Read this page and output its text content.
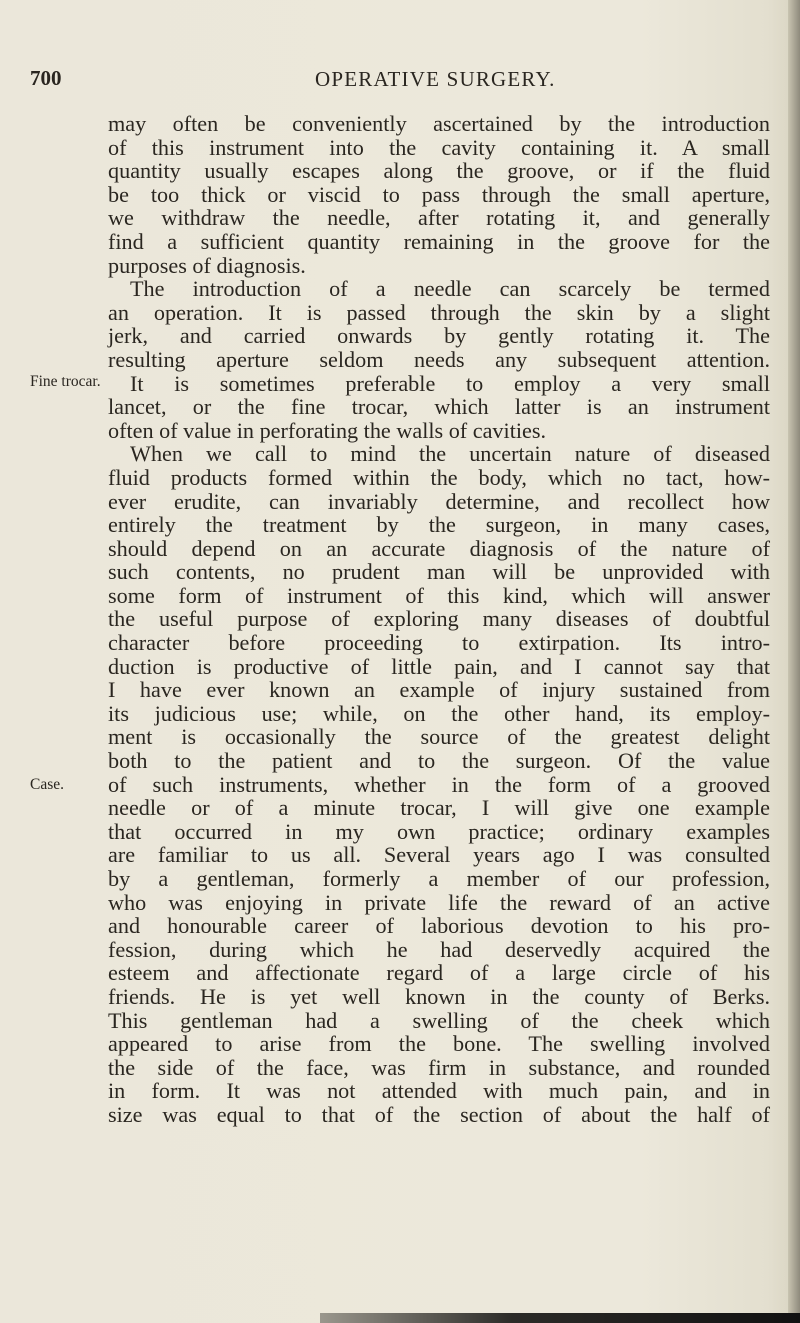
700	OPERATIVE SURGERY.
Fine trocar.
Case.
may often be conveniently ascertained by the introduction
of this instrument into the cavity containing it. A small
quantity usually escapes along the groove, or if the fluid
be too thick or viscid to pass through the small aperture,
we withdraw the needle, after rotating it, and generally
find a sufficient quantity remaining in the groove for the
purposes of diagnosis.
The introduction of a needle can scarcely be termed
an operation. It is passed through the skin by a slight
jerk, and carried onwards by gently rotating it. The
resulting aperture seldom needs any subsequent attention.
It is sometimes preferable to employ a very small
lancet, or the fine trocar, which latter is an instrument
often of value in perforating the walls of cavities.
When we call to mind the uncertain nature of diseased
fluid products formed within the body, which no tact, how-
ever erudite, can invariably determine, and recollect how
entirely the treatment by the surgeon, in many cases,
should depend on an accurate diagnosis of the nature of
such contents, no prudent man will be unprovided with
some form of instrument of this kind, which will answer
the useful purpose of exploring many diseases of doubtful
character before proceeding to extirpation. Its intro-
duction is productive of little pain, and I cannot say that
I have ever known an example of injury sustained from
its judicious use; while, on the other hand, its employ-
ment is occasionally the source of the greatest delight
both to the patient and to the surgeon. Of the value
of such instruments, whether in the form of a grooved
needle or of a minute trocar, I will give one example
that occurred in my own practice; ordinary examples
are familiar to us all. Several years ago I was consulted
by a gentleman, formerly a member of our profession,
who was enjoying in private life the reward of an active
and honourable career of laborious devotion to his pro-
fession, during which he had deservedly acquired the
esteem and affectionate regard of a large circle of his
friends. He is yet well known in the county of Berks.
This gentleman had a swelling of the cheek which
appeared to arise from the bone. The swelling involved
the side of the face, was firm in substance, and rounded
in form. It was not attended with much pain, and in
size was equal to that of the section of about the half of
